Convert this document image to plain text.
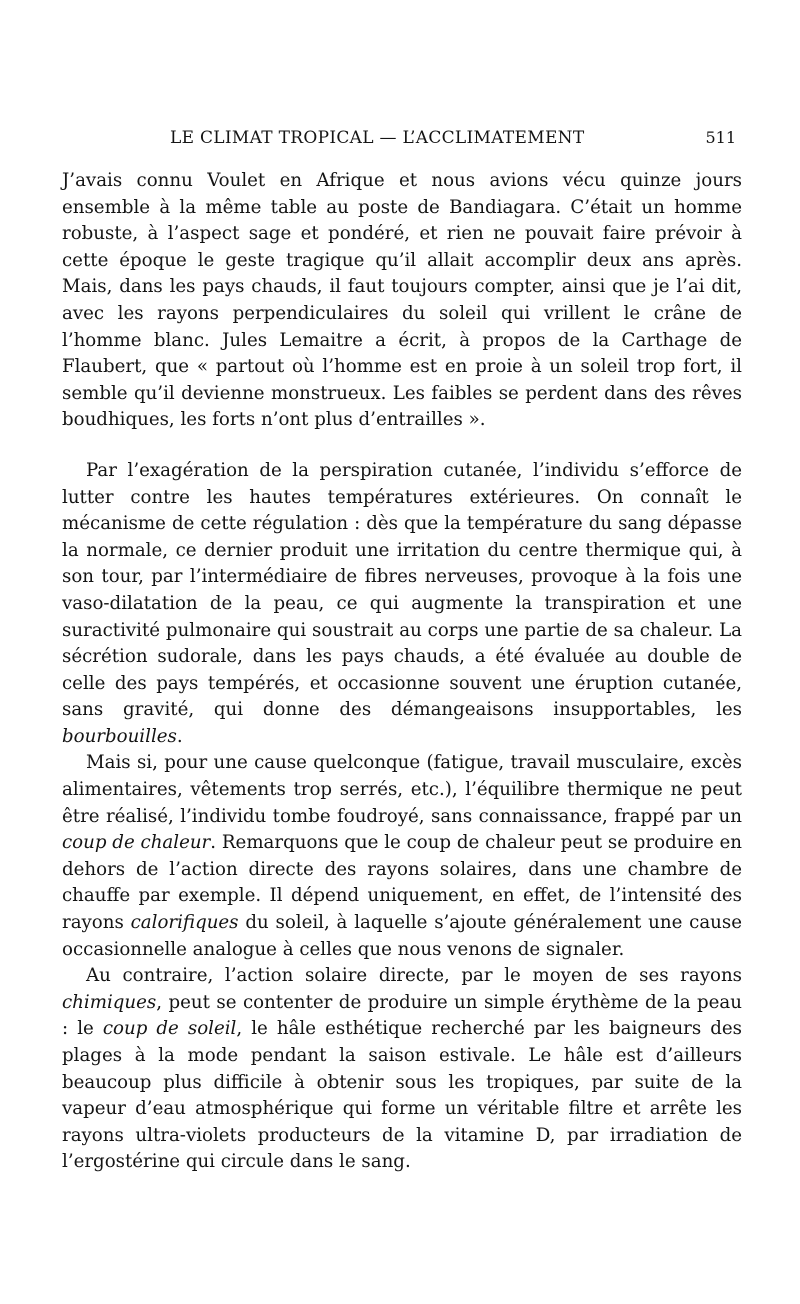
LE CLIMAT TROPICAL — L’ACCLIMATEMENT	511

J’avais connu Voulet en Afrique et nous avions vécu quinze jours ensemble à la même table au poste de Bandiagara. C’était un homme robuste, à l’aspect sage et pondéré, et rien ne pouvait faire prévoir à cette époque le geste tragique qu’il allait accomplir deux ans après. Mais, dans les pays chauds, il faut toujours compter, ainsi que je l’ai dit, avec les rayons perpendiculaires du soleil qui vrillent le crâne de l’homme blanc. Jules Lemaitre a écrit, à propos de la Carthage de Flaubert, que « partout où l’homme est en proie à un soleil trop fort, il semble qu’il devienne monstrueux. Les faibles se perdent dans des rêves boudhiques, les forts n’ont plus d’entrailles ».

Par l’exagération de la perspiration cutanée, l’individu s’efforce de lutter contre les hautes températures extérieures. On connaît le mécanisme de cette régulation : dès que la température du sang dépasse la normale, ce dernier produit une irritation du centre thermique qui, à son tour, par l’intermédiaire de fibres nerveuses, provoque à la fois une vaso-dilatation de la peau, ce qui augmente la transpiration et une suractivité pulmonaire qui soustrait au corps une partie de sa chaleur. La sécrétion sudorale, dans les pays chauds, a été évaluée au double de celle des pays tempérés, et occasionne souvent une éruption cutanée, sans gravité, qui donne des démangeaisons insupportables, les bourbouilles.

Mais si, pour une cause quelconque (fatigue, travail musculaire, excès alimentaires, vêtements trop serrés, etc.), l’équilibre thermique ne peut être réalisé, l’individu tombe foudroyé, sans connaissance, frappé par un coup de chaleur. Remarquons que le coup de chaleur peut se produire en dehors de l’action directe des rayons solaires, dans une chambre de chauffe par exemple. Il dépend uniquement, en effet, de l’intensité des rayons calorifiques du soleil, à laquelle s’ajoute généralement une cause occasionnelle analogue à celles que nous venons de signaler.

Au contraire, l’action solaire directe, par le moyen de ses rayons chimiques, peut se contenter de produire un simple érythème de la peau : le coup de soleil, le hâle esthétique recherché par les baigneurs des plages à la mode pendant la saison estivale. Le hâle est d’ailleurs beaucoup plus difficile à obtenir sous les tropiques, par suite de la vapeur d’eau atmosphérique qui forme un véritable filtre et arrête les rayons ultra-violets producteurs de la vitamine D, par irradiation de l’ergostérine qui circule dans le sang.
